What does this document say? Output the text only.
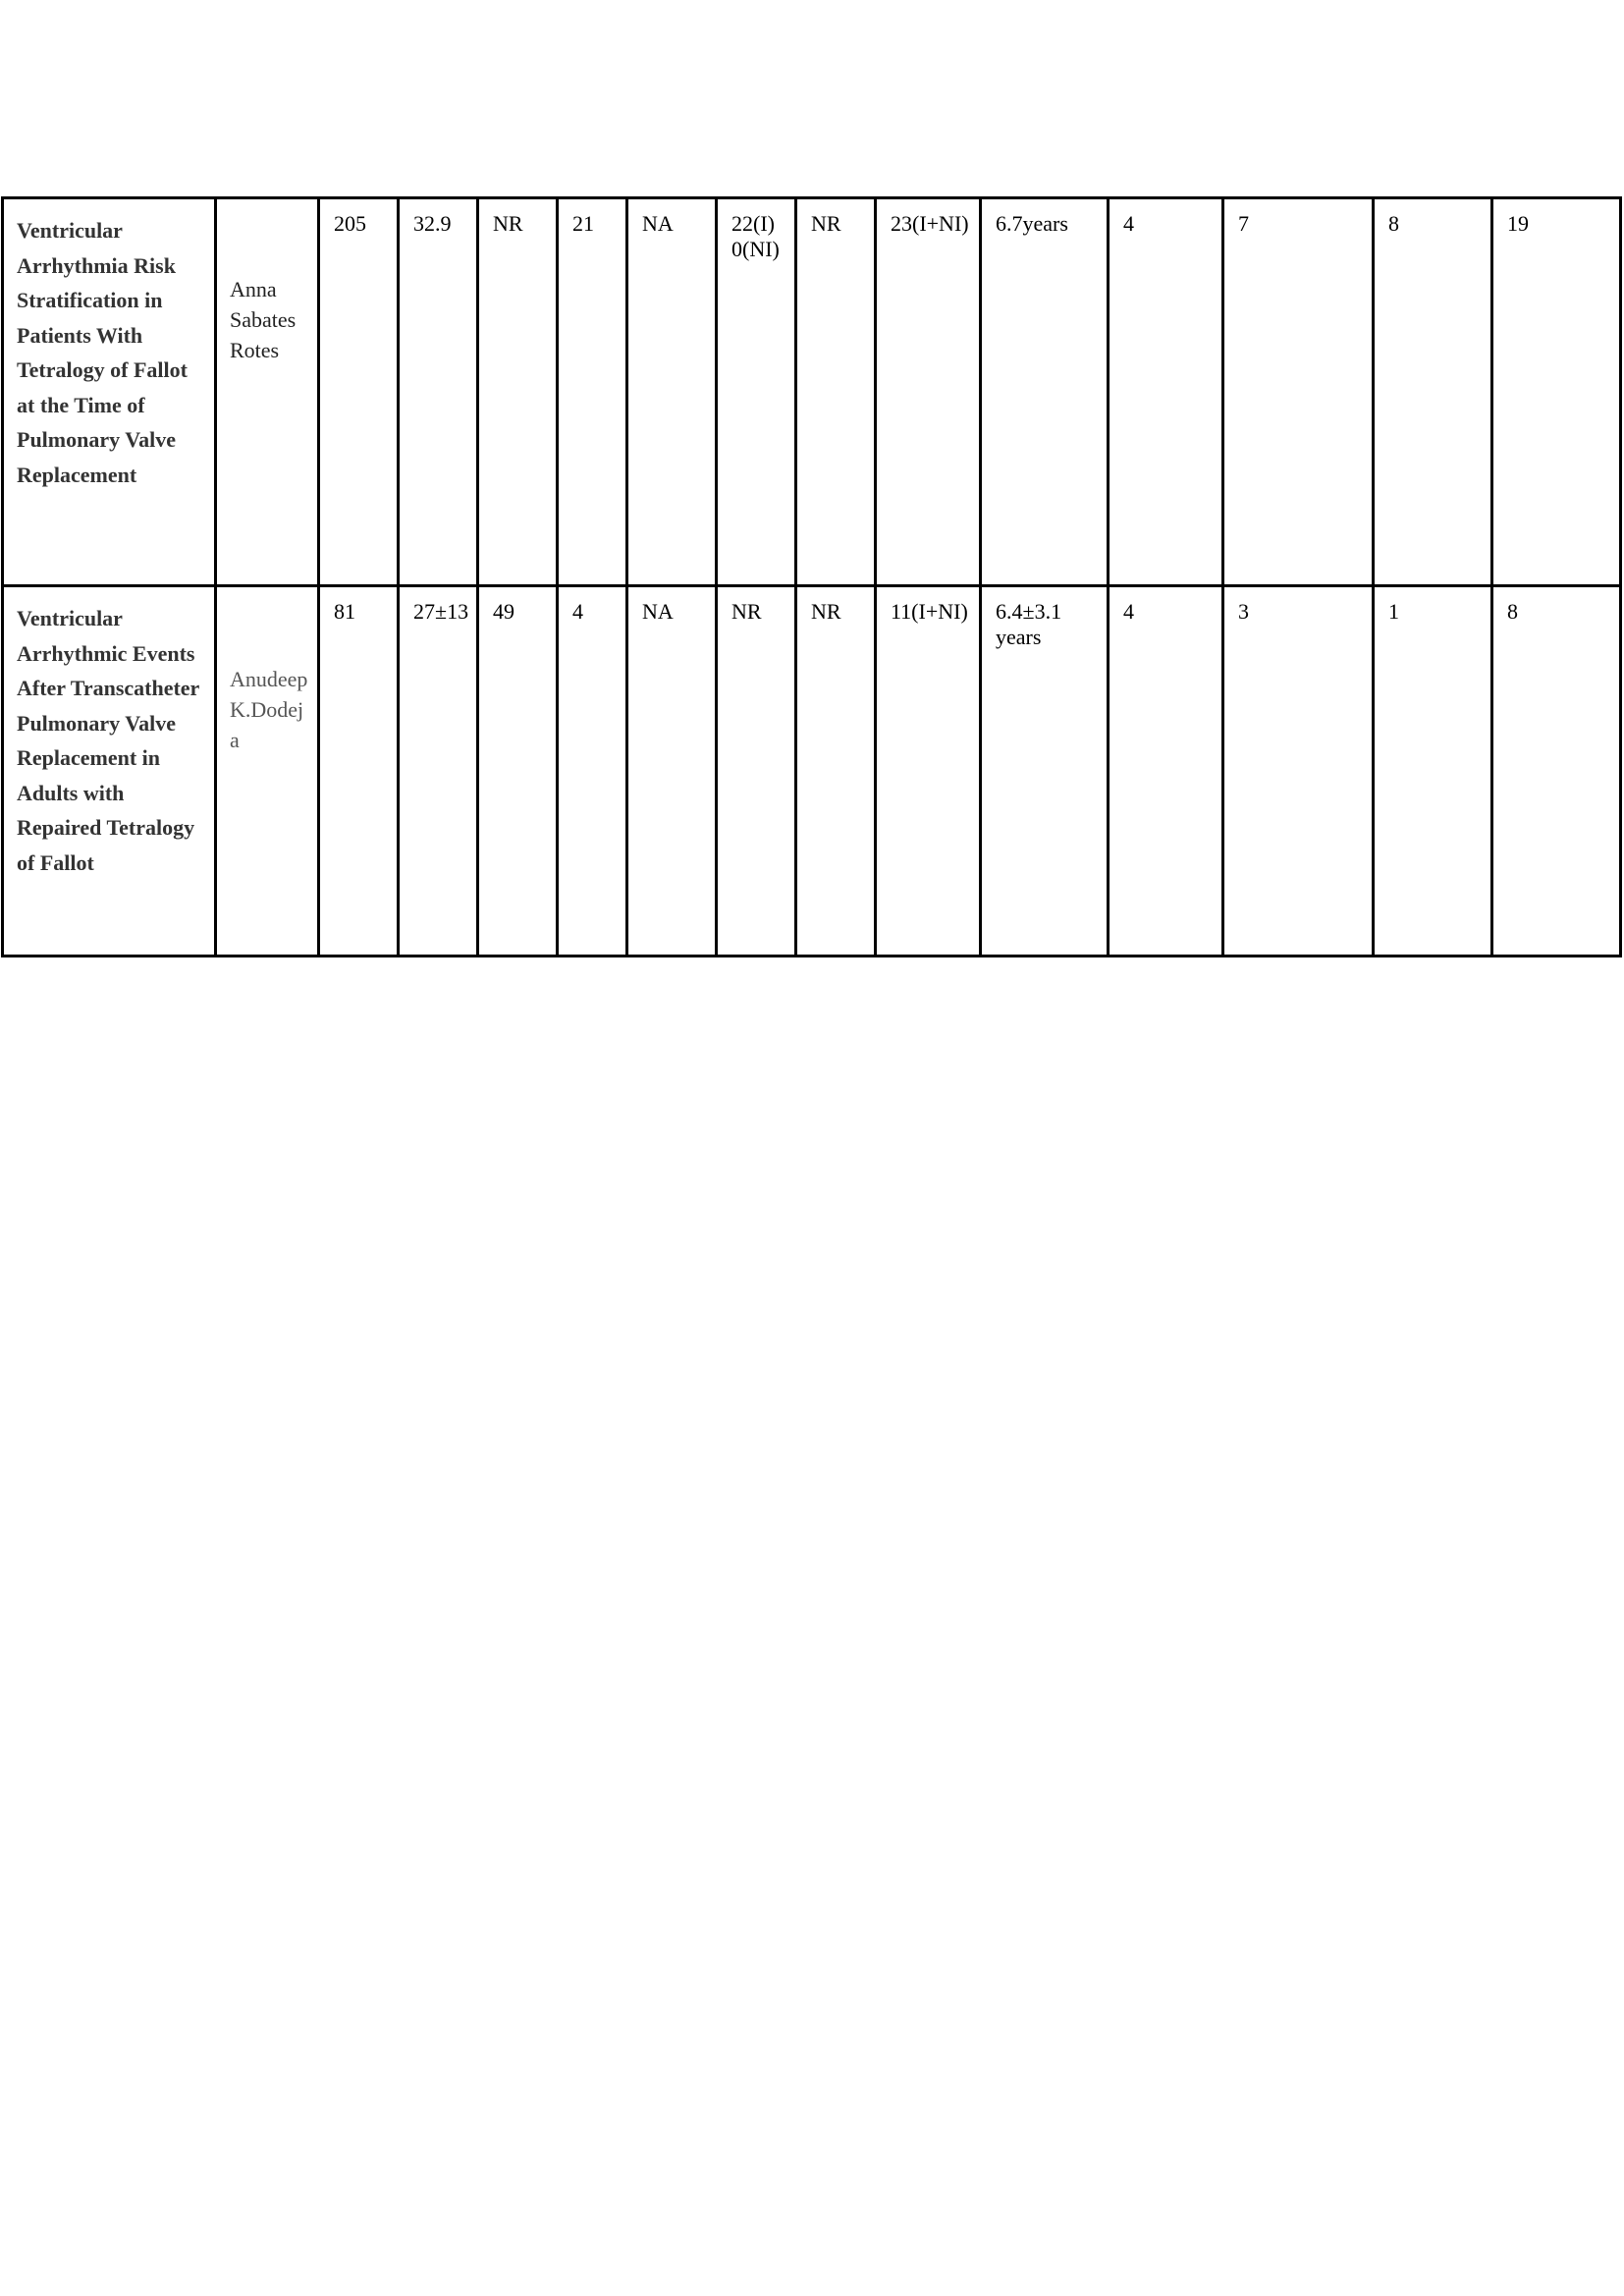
Ventricular Arrhythmia Risk Stratification in Patients With Tetralogy of Fallot at the Time of Pulmonary Valve Replacement	Anna Sabates Rotes	205	32.9	NR	21	NA	22(I) 0(NI)	NR	23(I+NI)	6.7years	4	7	8	19
Ventricular Arrhythmic Events After Transcatheter Pulmonary Valve Replacement in Adults with Repaired Tetralogy of Fallot	Anudeep K.Dodeja	81	27±13	49	4	NA	NR	NR	11(I+NI)	6.4±3.1 years	4	3	1	8
